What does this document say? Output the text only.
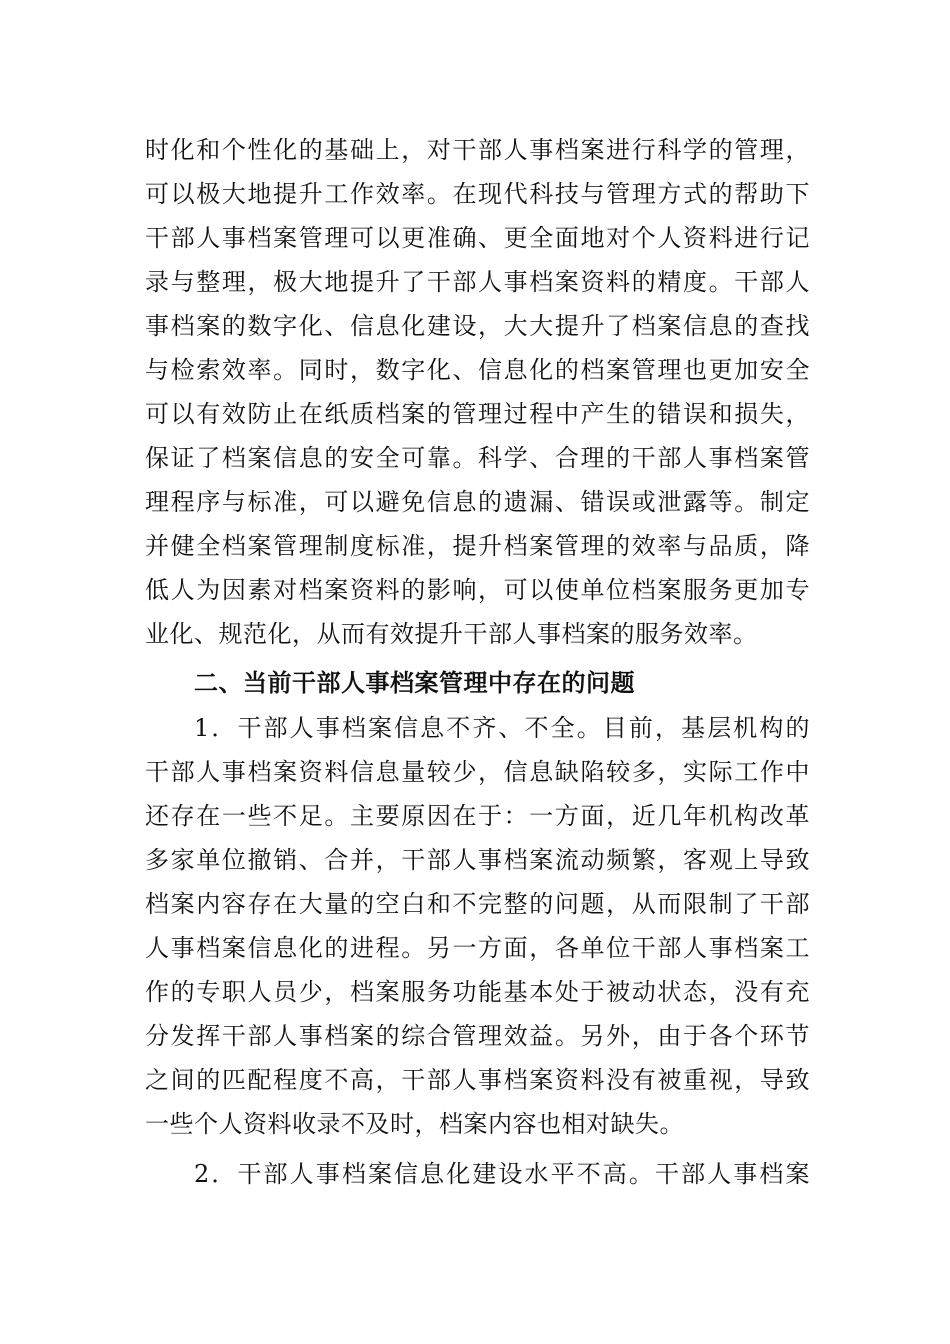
时化和个性化的基础上，对干部人事档案进行科学的管理，
可以极大地提升工作效率。在现代科技与管理方式的帮助下
干部人事档案管理可以更准确、更全面地对个人资料进行记
录与整理，极大地提升了干部人事档案资料的精度。干部人
事档案的数字化、信息化建设，大大提升了档案信息的查找
与检索效率。同时，数字化、信息化的档案管理也更加安全
可以有效防止在纸质档案的管理过程中产生的错误和损失，
保证了档案信息的安全可靠。科学、合理的干部人事档案管
理程序与标准，可以避免信息的遗漏、错误或泄露等。制定
并健全档案管理制度标准，提升档案管理的效率与品质，降
低人为因素对档案资料的影响，可以使单位档案服务更加专
业化、规范化，从而有效提升干部人事档案的服务效率。
二、当前干部人事档案管理中存在的问题
1．干部人事档案信息不齐、不全。目前，基层机构的
干部人事档案资料信息量较少，信息缺陷较多，实际工作中
还存在一些不足。主要原因在于：一方面，近几年机构改革
多家单位撤销、合并，干部人事档案流动频繁，客观上导致
档案内容存在大量的空白和不完整的问题，从而限制了干部
人事档案信息化的进程。另一方面，各单位干部人事档案工
作的专职人员少，档案服务功能基本处于被动状态，没有充
分发挥干部人事档案的综合管理效益。另外，由于各个环节
之间的匹配程度不高，干部人事档案资料没有被重视，导致
一些个人资料收录不及时，档案内容也相对缺失。
2．干部人事档案信息化建设水平不高。干部人事档案
